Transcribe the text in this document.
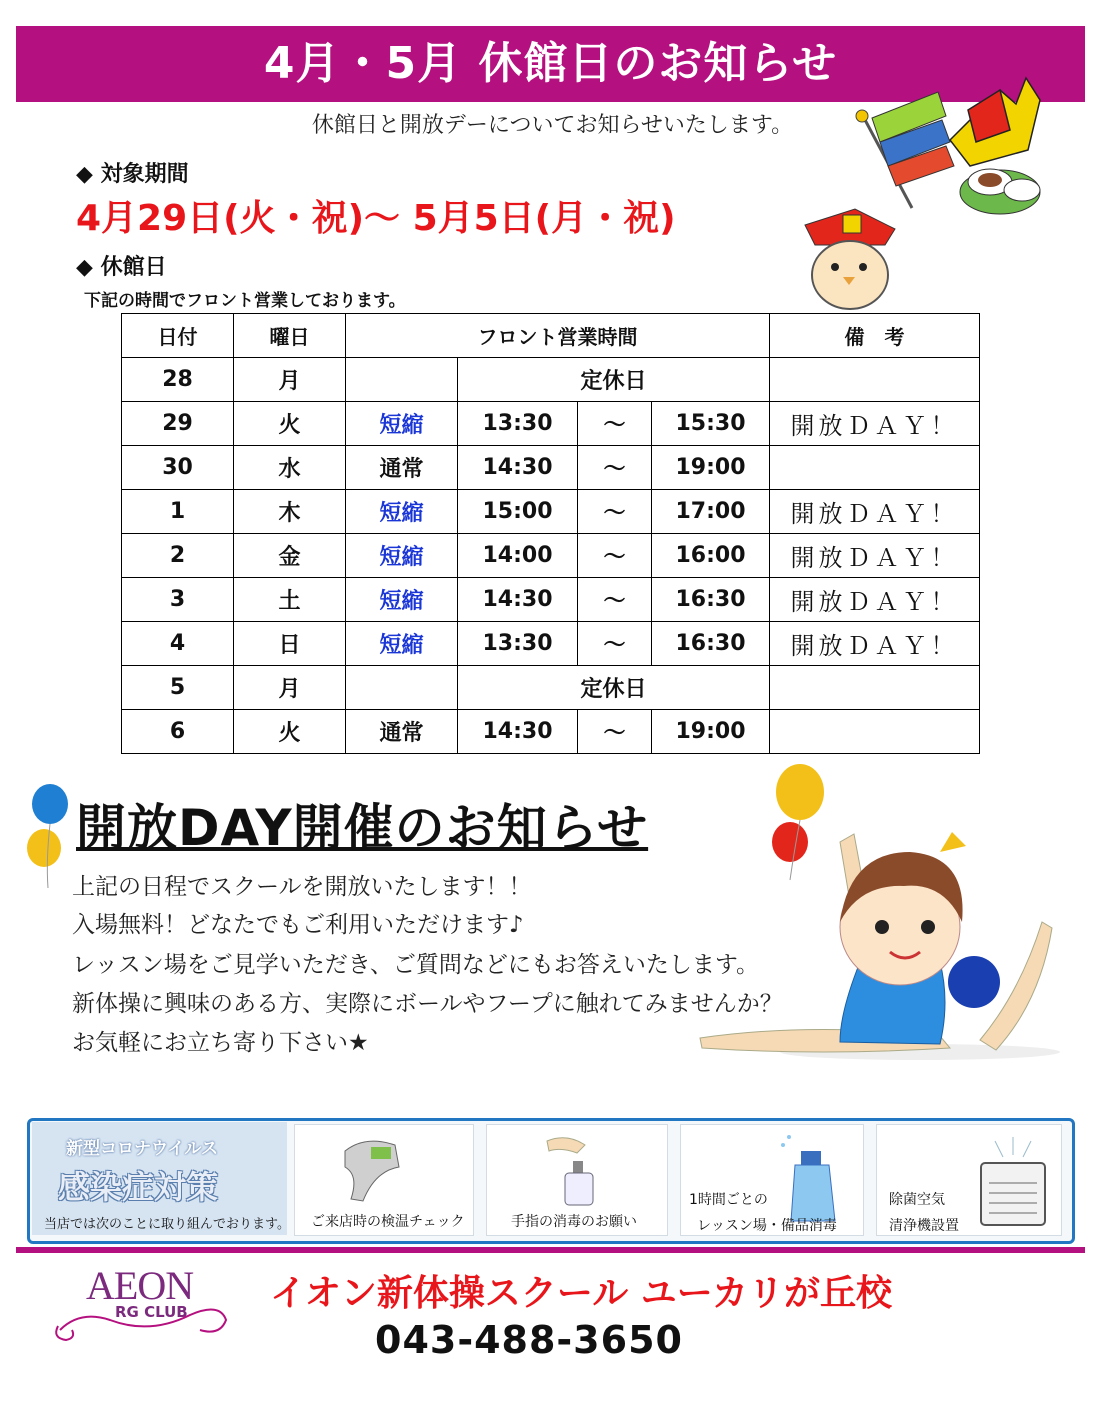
4月・5月 休館日のお知らせ
休館日と開放デーについてお知らせいたします。
◆ 対象期間
4月29日(火・祝)～ 5月5日(月・祝)
◆ 休館日
下記の時間でフロント営業しております。
日付	曜日	フロント営業時間				備　考
28	月		定休日			
29	火	短縮	13:30	～	15:30	開放ＤＡＹ！
30	水	通常	14:30	～	19:00	
1	木	短縮	15:00	～	17:00	開放ＤＡＹ！
2	金	短縮	14:00	～	16:00	開放ＤＡＹ！
3	土	短縮	14:30	～	16:30	開放ＤＡＹ！
4	日	短縮	13:30	～	16:30	開放ＤＡＹ！
5	月		定休日			
6	火	通常	14:30	～	19:00	
開放DAY開催のお知らせ
上記の日程でスクールを開放いたします！！
入場無料！どなたでもご利用いただけます♪
レッスン場をご見学いただき、ご質問などにもお答えいたします。
新体操に興味のある方、実際にボールやフープに触れてみませんか？
お気軽にお立ち寄り下さい★
新型コロナウイルス
感染症対策
当店では次のことに取り組んでおります。 ご来店時の検温チェック	手指の消毒のお願い
1時間ごとの
レッスン場・備品消毒
除菌空気
清浄機設置
AEON
RG CLUB イオン新体操スクール ユーカリが丘校
043-488-3650
